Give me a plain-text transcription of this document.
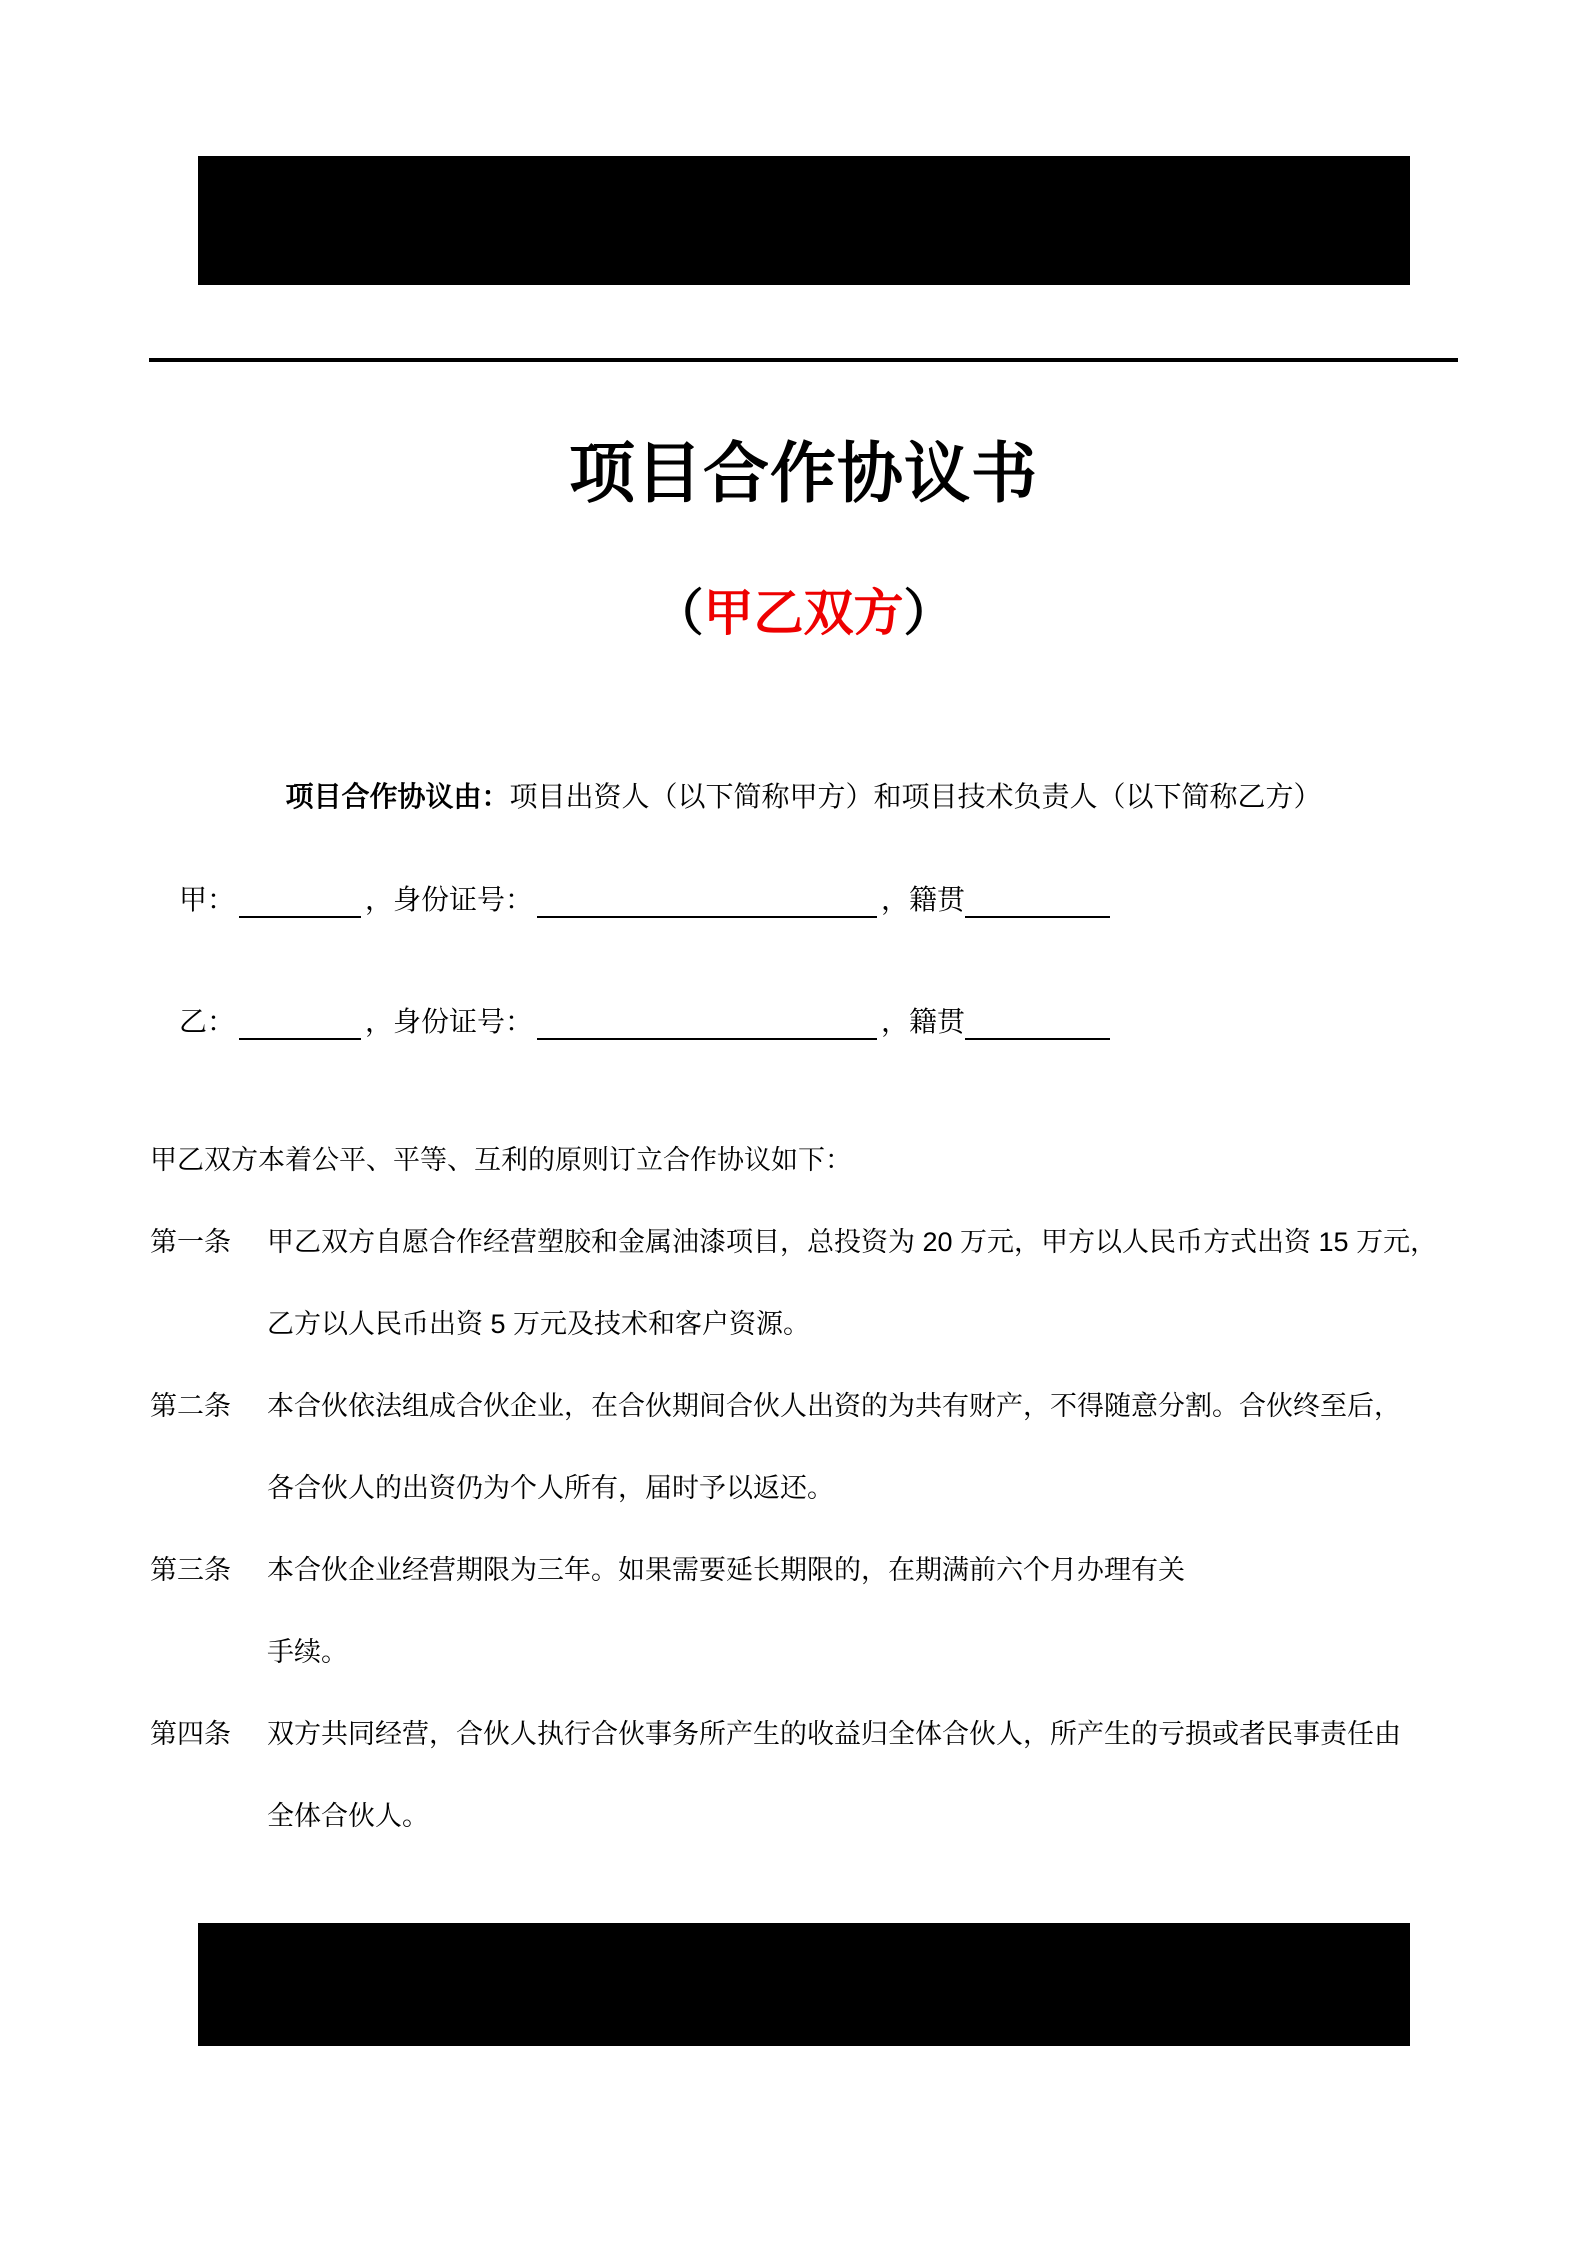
项目合作协议书
（甲乙双方）

项目合作协议由：项目出资人（以下简称甲方）和项目技术负责人（以下简称乙方）

甲：	，身份证号：	，籍贯
乙：	，身份证号：	，籍贯
甲乙双方本着公平、平等、互利的原则订立合作协议如下：
第一条 甲乙双方自愿合作经营塑胶和金属油漆项目，总投资为 20 万元，甲方以人民币方式出资 15 万元，
乙方以人民币出资 5 万元及技术和客户资源。
第二条 本合伙依法组成合伙企业，在合伙期间合伙人出资的为共有财产，不得随意分割。合伙终至后，
各合伙人的出资仍为个人所有，届时予以返还。
第三条 本合伙企业经营期限为三年。如果需要延长期限的，在期满前六个月办理有关
手续。
第四条 双方共同经营，合伙人执行合伙事务所产生的收益归全体合伙人，所产生的亏损或者民事责任由
全体合伙人。
